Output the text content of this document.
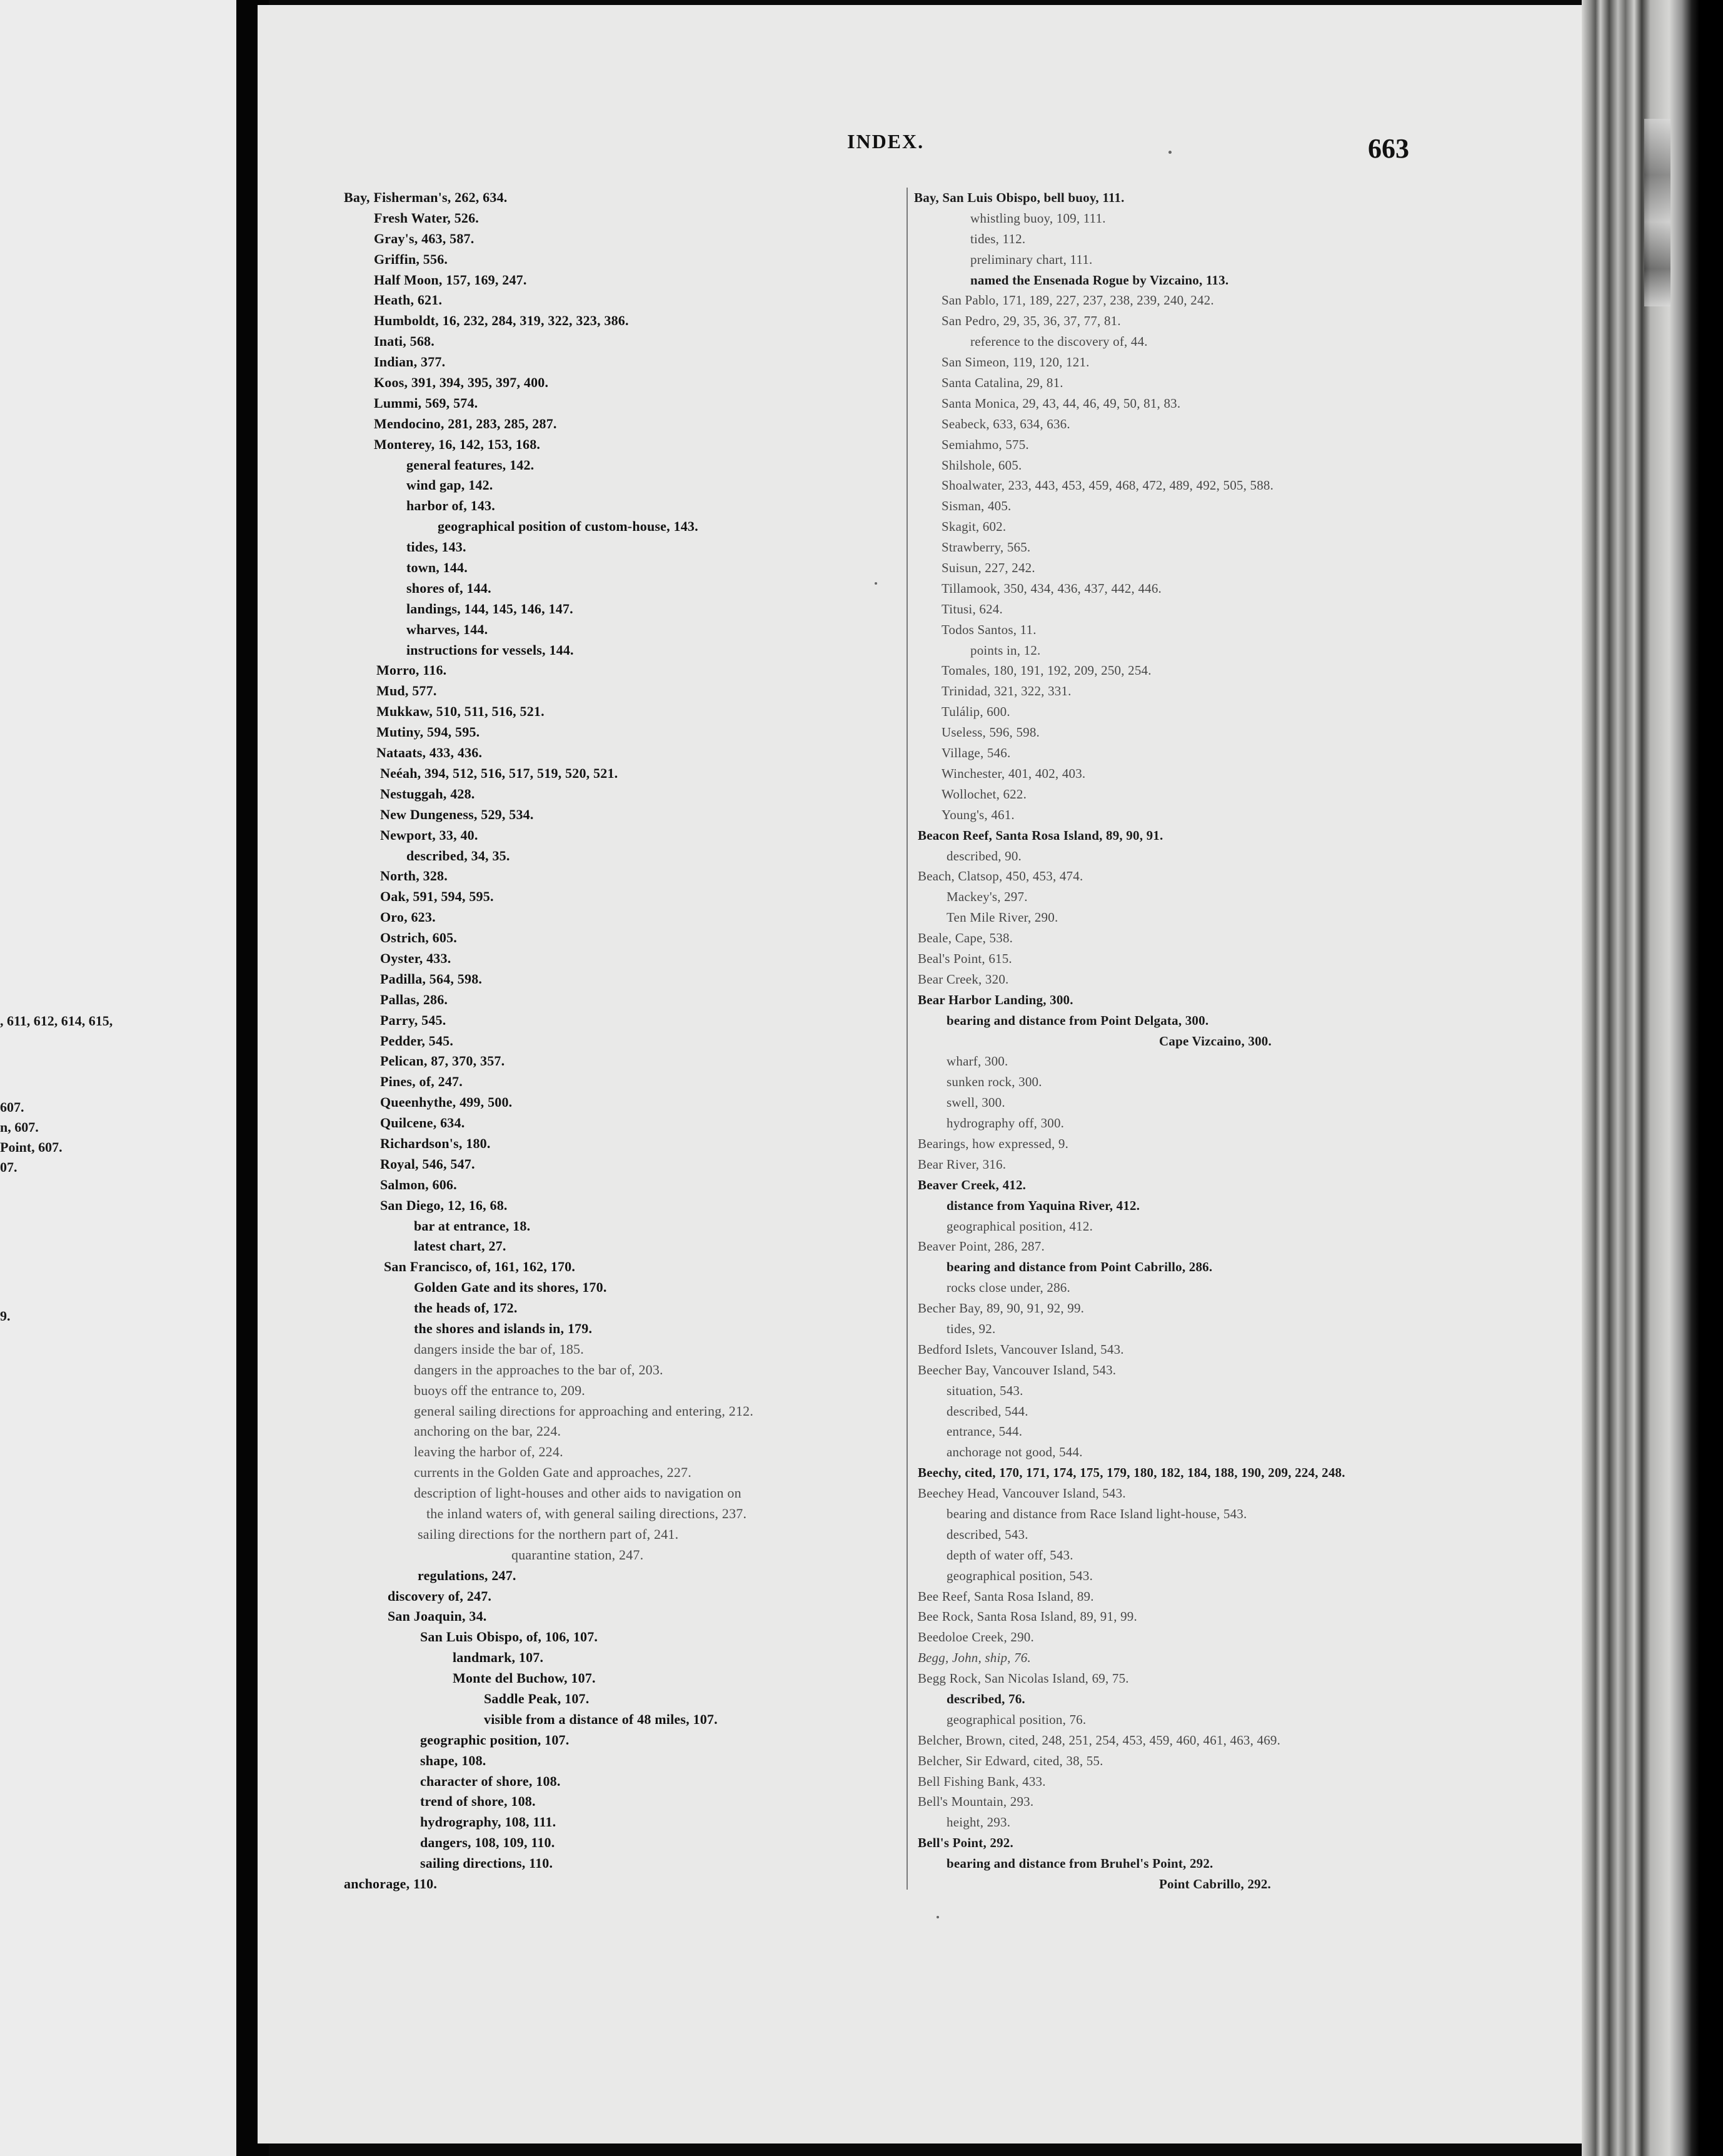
, 611, 612, 614, 615,
607.
n, 607.
Point, 607.
07.
9.
INDEX.	663
Bay, Fisherman's, 262, 634.
Fresh Water, 526.
Gray's, 463, 587.
Griffin, 556.
Half Moon, 157, 169, 247.
Heath, 621.
Humboldt, 16, 232, 284, 319, 322, 323, 386.
Inati, 568.
Indian, 377.
Koos, 391, 394, 395, 397, 400.
Lummi, 569, 574.
Mendocino, 281, 283, 285, 287.
Monterey, 16, 142, 153, 168.
general features, 142.
wind gap, 142.
harbor of, 143.
geographical position of custom-house, 143.
tides, 143.
town, 144.
shores of, 144.
landings, 144, 145, 146, 147.
wharves, 144.
instructions for vessels, 144.
Morro, 116.
Mud, 577.
Mukkaw, 510, 511, 516, 521.
Mutiny, 594, 595.
Nataats, 433, 436.
Neéah, 394, 512, 516, 517, 519, 520, 521.
Nestuggah, 428.
New Dungeness, 529, 534.
Newport, 33, 40.
described, 34, 35.
North, 328.
Oak, 591, 594, 595.
Oro, 623.
Ostrich, 605.
Oyster, 433.
Padilla, 564, 598.
Pallas, 286.
Parry, 545.
Pedder, 545.
Pelican, 87, 370, 357.
Pines, of, 247.
Queenhythe, 499, 500.
Quilcene, 634.
Richardson's, 180.
Royal, 546, 547.
Salmon, 606.
San Diego, 12, 16, 68.
bar at entrance, 18.
latest chart, 27.
San Francisco, of, 161, 162, 170.
Golden Gate and its shores, 170.
the heads of, 172.
the shores and islands in, 179.
dangers inside the bar of, 185.
dangers in the approaches to the bar of, 203.
buoys off the entrance to, 209.
general sailing directions for approaching and entering, 212.
anchoring on the bar, 224.
leaving the harbor of, 224.
currents in the Golden Gate and approaches, 227.
description of light-houses and other aids to navigation on
the inland waters of, with general sailing directions, 237.
sailing directions for the northern part of, 241.
quarantine station, 247.
regulations, 247.
discovery of, 247.
San Joaquin, 34.
San Luis Obispo, of, 106, 107.
landmark, 107.
Monte del Buchow, 107.
Saddle Peak, 107.
visible from a distance of 48 miles, 107.
geographic position, 107.
shape, 108.
character of shore, 108.
trend of shore, 108.
hydrography, 108, 111.
dangers, 108, 109, 110.
sailing directions, 110.
anchorage, 110.
Bay, San Luis Obispo, bell buoy, 111.
whistling buoy, 109, 111.
tides, 112.
preliminary chart, 111.
named the Ensenada Rogue by Vizcaino, 113.
San Pablo, 171, 189, 227, 237, 238, 239, 240, 242.
San Pedro, 29, 35, 36, 37, 77, 81.
reference to the discovery of, 44.
San Simeon, 119, 120, 121.
Santa Catalina, 29, 81.
Santa Monica, 29, 43, 44, 46, 49, 50, 81, 83.
Seabeck, 633, 634, 636.
Semiahmo, 575.
Shilshole, 605.
Shoalwater, 233, 443, 453, 459, 468, 472, 489, 492, 505, 588.
Sisman, 405.
Skagit, 602.
Strawberry, 565.
Suisun, 227, 242.
Tillamook, 350, 434, 436, 437, 442, 446.
Titusi, 624.
Todos Santos, 11.
points in, 12.
Tomales, 180, 191, 192, 209, 250, 254.
Trinidad, 321, 322, 331.
Tulálip, 600.
Useless, 596, 598.
Village, 546.
Winchester, 401, 402, 403.
Wollochet, 622.
Young's, 461.
Beacon Reef, Santa Rosa Island, 89, 90, 91.
described, 90.
Beach, Clatsop, 450, 453, 474.
Mackey's, 297.
Ten Mile River, 290.
Beale, Cape, 538.
Beal's Point, 615.
Bear Creek, 320.
Bear Harbor Landing, 300.
bearing and distance from Point Delgata, 300.
Cape Vizcaino, 300.
wharf, 300.
sunken rock, 300.
swell, 300.
hydrography off, 300.
Bearings, how expressed, 9.
Bear River, 316.
Beaver Creek, 412.
distance from Yaquina River, 412.
geographical position, 412.
Beaver Point, 286, 287.
bearing and distance from Point Cabrillo, 286.
rocks close under, 286.
Becher Bay, 89, 90, 91, 92, 99.
tides, 92.
Bedford Islets, Vancouver Island, 543.
Beecher Bay, Vancouver Island, 543.
situation, 543.
described, 544.
entrance, 544.
anchorage not good, 544.
Beechy, cited, 170, 171, 174, 175, 179, 180, 182, 184, 188, 190, 209, 224, 248.
Beechey Head, Vancouver Island, 543.
bearing and distance from Race Island light-house, 543.
described, 543.
depth of water off, 543.
geographical position, 543.
Bee Reef, Santa Rosa Island, 89.
Bee Rock, Santa Rosa Island, 89, 91, 99.
Beedoloe Creek, 290.
Begg, John, ship, 76.
Begg Rock, San Nicolas Island, 69, 75.
described, 76.
geographical position, 76.
Belcher, Brown, cited, 248, 251, 254, 453, 459, 460, 461, 463, 469.
Belcher, Sir Edward, cited, 38, 55.
Bell Fishing Bank, 433.
Bell's Mountain, 293.
height, 293.
Bell's Point, 292.
bearing and distance from Bruhel's Point, 292.
Point Cabrillo, 292.
